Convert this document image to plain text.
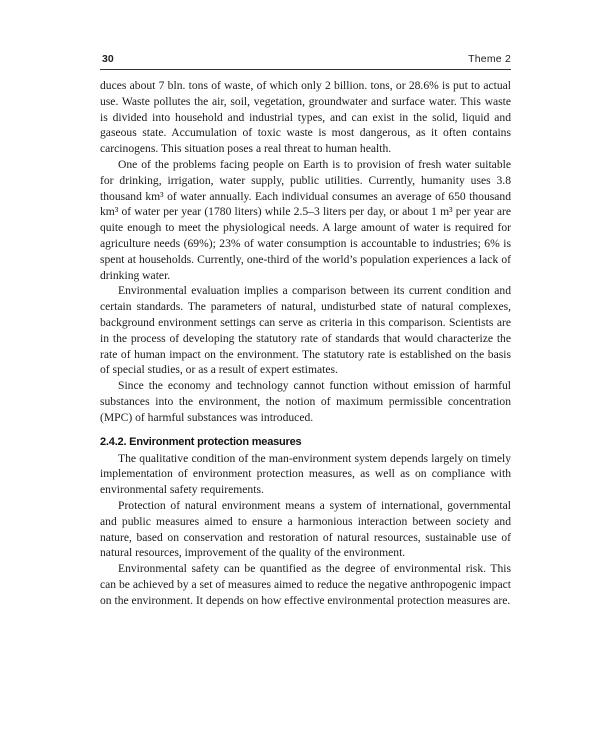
30	Theme 2

duces about 7 bln. tons of waste, of which only 2 billion. tons, or 28.6% is put to actual use. Waste pollutes the air, soil, vegetation, groundwater and surface water. This waste is divided into household and industrial types, and can exist in the solid, liquid and gaseous state. Accumulation of toxic waste is most dangerous, as it often contains carcinogens. This situation poses a real threat to human health.

One of the problems facing people on Earth is to provision of fresh water suitable for drinking, irrigation, water supply, public utilities. Currently, humanity uses 3.8 thousand km³ of water annually. Each individual consumes an average of 650 thousand km³ of water per year (1780 liters) while 2.5–3 liters per day, or about 1 m³ per year are quite enough to meet the physiological needs. A large amount of water is required for agriculture needs (69%); 23% of water consumption is accountable to industries; 6% is spent at households. Currently, one-third of the world’s population experiences a lack of drinking water.

Environmental evaluation implies a comparison between its current condition and certain standards. The parameters of natural, undisturbed state of natural complexes, background environment settings can serve as criteria in this comparison. Scientists are in the process of developing the statutory rate of standards that would characterize the rate of human impact on the environment. The statutory rate is established on the basis of special studies, or as a result of expert estimates.

Since the economy and technology cannot function without emission of harmful substances into the environment, the notion of maximum permissible concentration (MPC) of harmful substances was introduced.

2.4.2. Environment protection measures

The qualitative condition of the man-environment system depends largely on timely implementation of environment protection measures, as well as on compliance with environmental safety requirements.

Protection of natural environment means a system of international, governmental and public measures aimed to ensure a harmonious interaction between society and nature, based on conservation and restoration of natural resources, sustainable use of natural resources, improvement of the quality of the environment.

Environmental safety can be quantified as the degree of environmental risk. This can be achieved by a set of measures aimed to reduce the negative anthropogenic impact on the environment. It depends on how effective environmental protection measures are.
